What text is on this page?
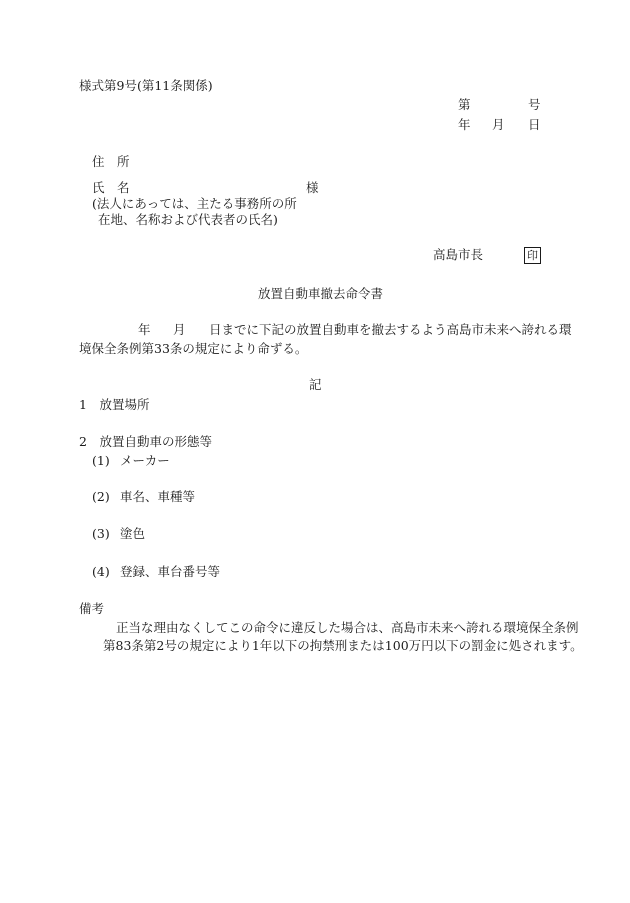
様式第9号(第11条関係)
第	号
年 月 日
住　所
氏　名	様
(法人にあっては、主たる事務所の所
在地、名称および代表者の氏名)
高島市長	印
放置自動車撤去命令書
年 月 日までに下記の放置自動車を撤去するよう高島市未来へ誇れる環
境保全条例第33条の規定により命ずる。
記
1　放置場所
2　放置自動車の形態等
(1) メーカー
(2) 車名、車種等
(3) 塗色
(4) 登録、車台番号等
備考
正当な理由なくしてこの命令に違反した場合は、高島市未来へ誇れる環境保全条例
第83条第2号の規定により1年以下の拘禁刑または100万円以下の罰金に処されます。
